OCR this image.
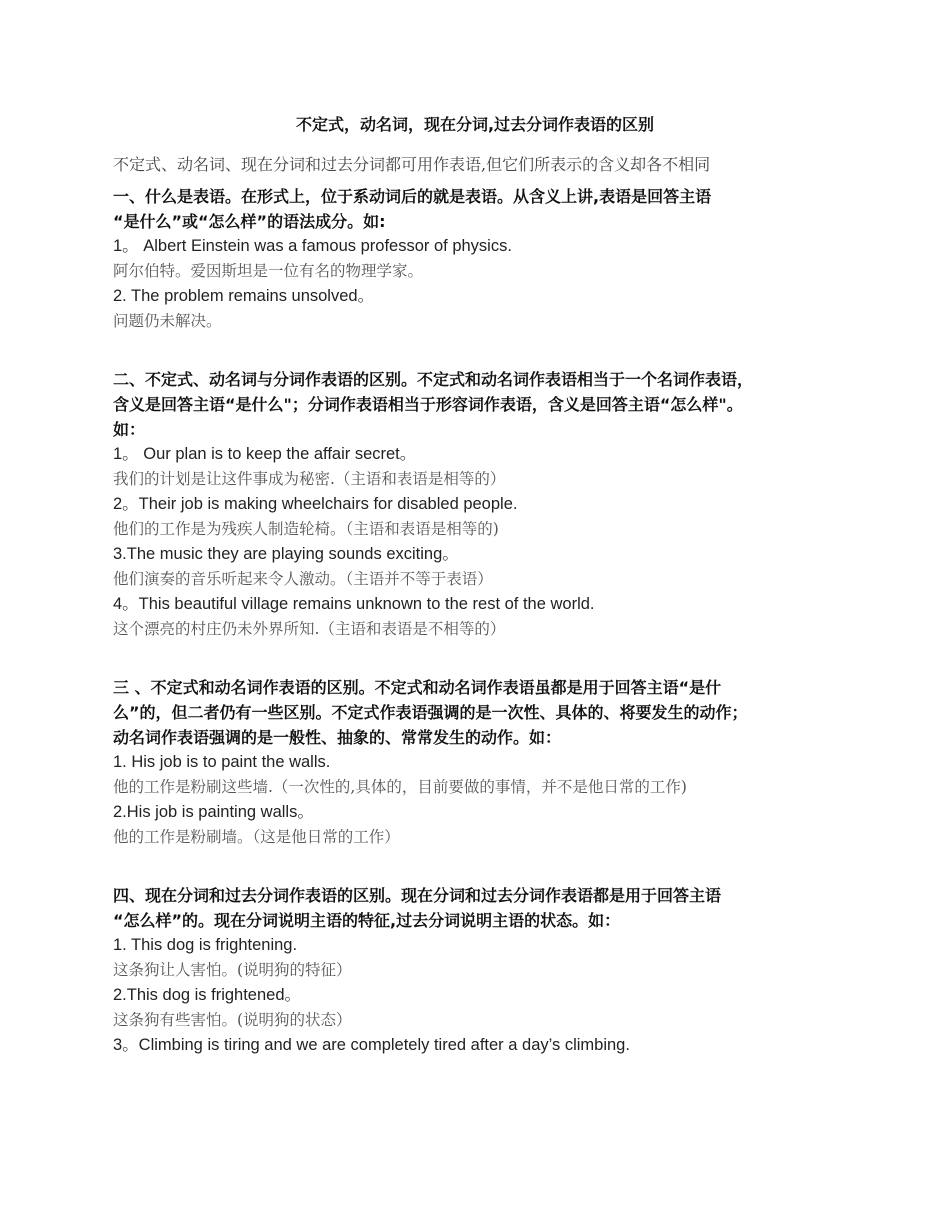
不定式，动名词，现在分词,过去分词作表语的区别

不定式、动名词、现在分词和过去分词都可用作表语,但它们所表示的含义却各不相同

一、什么是表语。在形式上，位于系动词后的就是表语。从含义上讲,表语是回答主语

“是什么”或“怎么样”的语法成分。如:

1。 Albert Einstein was a famous professor of physics.

阿尔伯特。爱因斯坦是一位有名的物理学家。

2. The problem remains unsolved。

问题仍未解决。

二、不定式、动名词与分词作表语的区别。不定式和动名词作表语相当于一个名词作表语，

含义是回答主语“是什么"；分词作表语相当于形容词作表语，含义是回答主语“怎么样"。

如：

1。 Our plan is to keep the affair secret。

我们的计划是让这件事成为秘密.（主语和表语是相等的）

2。Their job is making wheelchairs for disabled people.

他们的工作是为残疾人制造轮椅。（主语和表语是相等的)

3.The music they are playing sounds exciting。

他们演奏的音乐听起来令人激动。（主语并不等于表语）

4。This beautiful village remains unknown to the rest of the world.

这个漂亮的村庄仍未外界所知.（主语和表语是不相等的）

三 、不定式和动名词作表语的区别。不定式和动名词作表语虽都是用于回答主语“是什

么”的，但二者仍有一些区别。不定式作表语强调的是一次性、具体的、将要发生的动作；

动名词作表语强调的是一般性、抽象的、常常发生的动作。如：

1. His job is to paint the walls.

他的工作是粉刷这些墙.（一次性的,具体的，目前要做的事情，并不是他日常的工作)

2.His job is painting walls。

他的工作是粉刷墙。（这是他日常的工作）

四、现在分词和过去分词作表语的区别。现在分词和过去分词作表语都是用于回答主语

“怎么样”的。现在分词说明主语的特征,过去分词说明主语的状态。如：

1. This dog is frightening.

这条狗让人害怕。(说明狗的特征）

2.This dog is frightened。

这条狗有些害怕。(说明狗的状态）

3。Climbing is tiring and we are completely tired after a day’s climbing.
